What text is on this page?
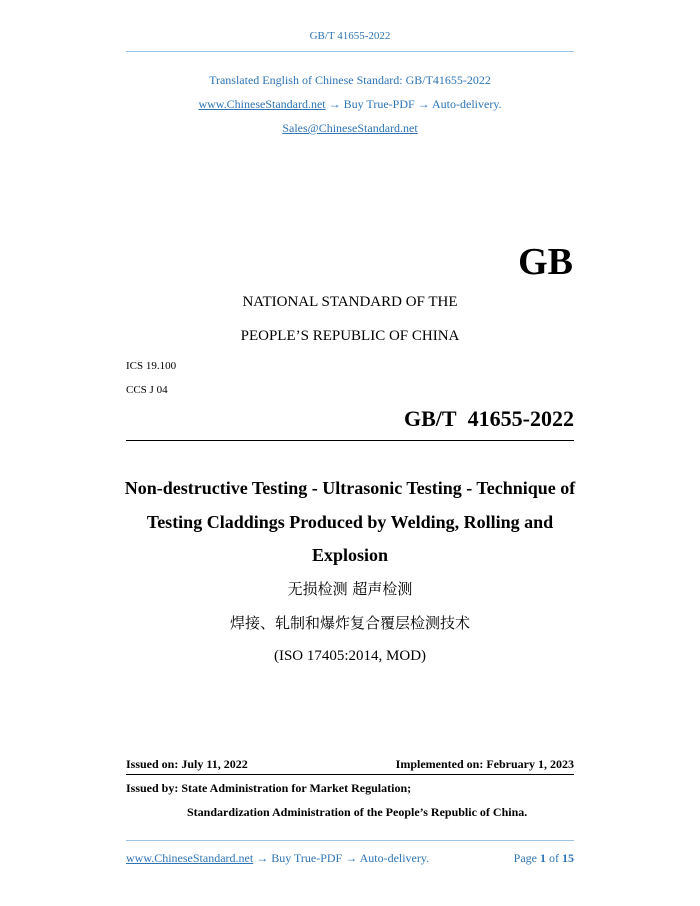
GB/T 41655-2022
Translated English of Chinese Standard: GB/T41655-2022
www.ChineseStandard.net → Buy True-PDF → Auto-delivery.
Sales@ChineseStandard.net
GB
NATIONAL STANDARD OF THE
PEOPLE’S REPUBLIC OF CHINA
ICS 19.100
CCS J 04
GB/T 41655-2022
Non-destructive Testing - Ultrasonic Testing - Technique of
Testing Claddings Produced by Welding, Rolling and
Explosion
无损检测 超声检测
焊接、轧制和爆炸复合覆层检测技术
(ISO 17405:2014, MOD)
Issued on: July 11, 2022	Implemented on: February 1, 2023
Issued by: State Administration for Market Regulation;
Standardization Administration of the People’s Republic of China.
www.ChineseStandard.net → Buy True-PDF → Auto-delivery.	Page 1 of 15
